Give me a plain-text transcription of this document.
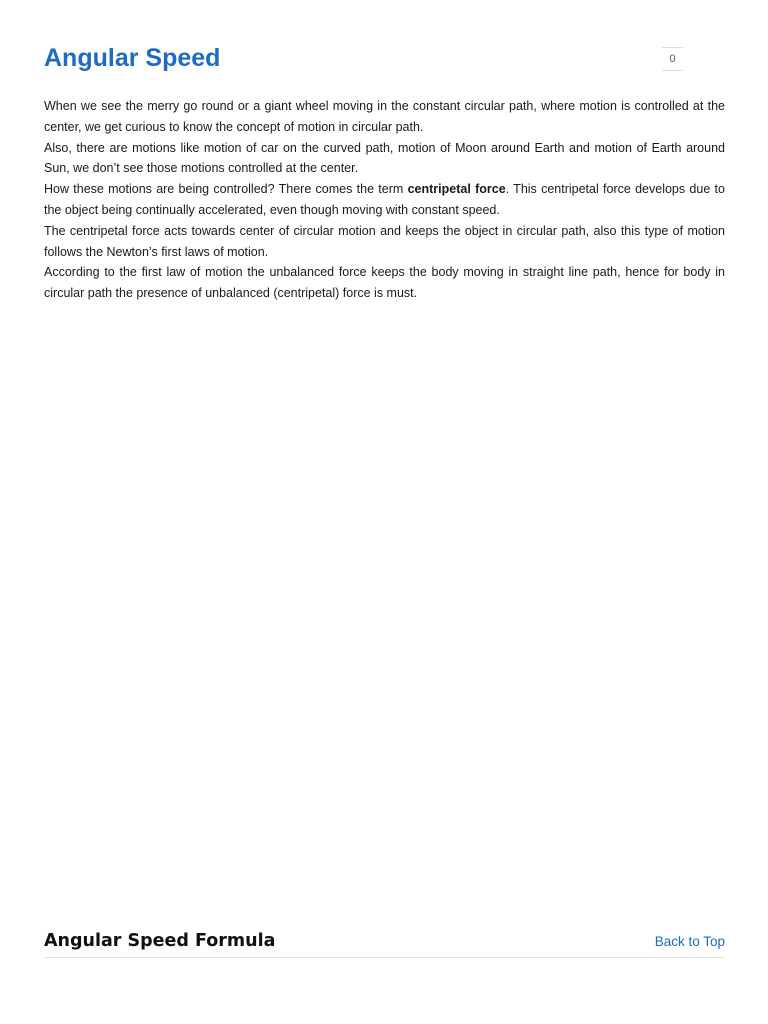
Angular Speed	0

When we see the merry go round or a giant wheel moving in the constant circular path, where motion is controlled at the center, we get curious to know the concept of motion in circular path.

Also, there are motions like motion of car on the curved path, motion of Moon around Earth and motion of Earth around Sun, we don’t see those motions controlled at the center.

How these motions are being controlled? There comes the term centripetal force. This centripetal force develops due to the object being continually accelerated, even though moving with constant speed.

The centripetal force acts towards center of circular motion and keeps the object in circular path, also this type of motion follows the Newton’s first laws of motion.

According to the first law of motion the unbalanced force keeps the body moving in straight line path, hence for body in circular path the presence of unbalanced (centripetal) force is must.

Angular Speed Formula	Back to Top
